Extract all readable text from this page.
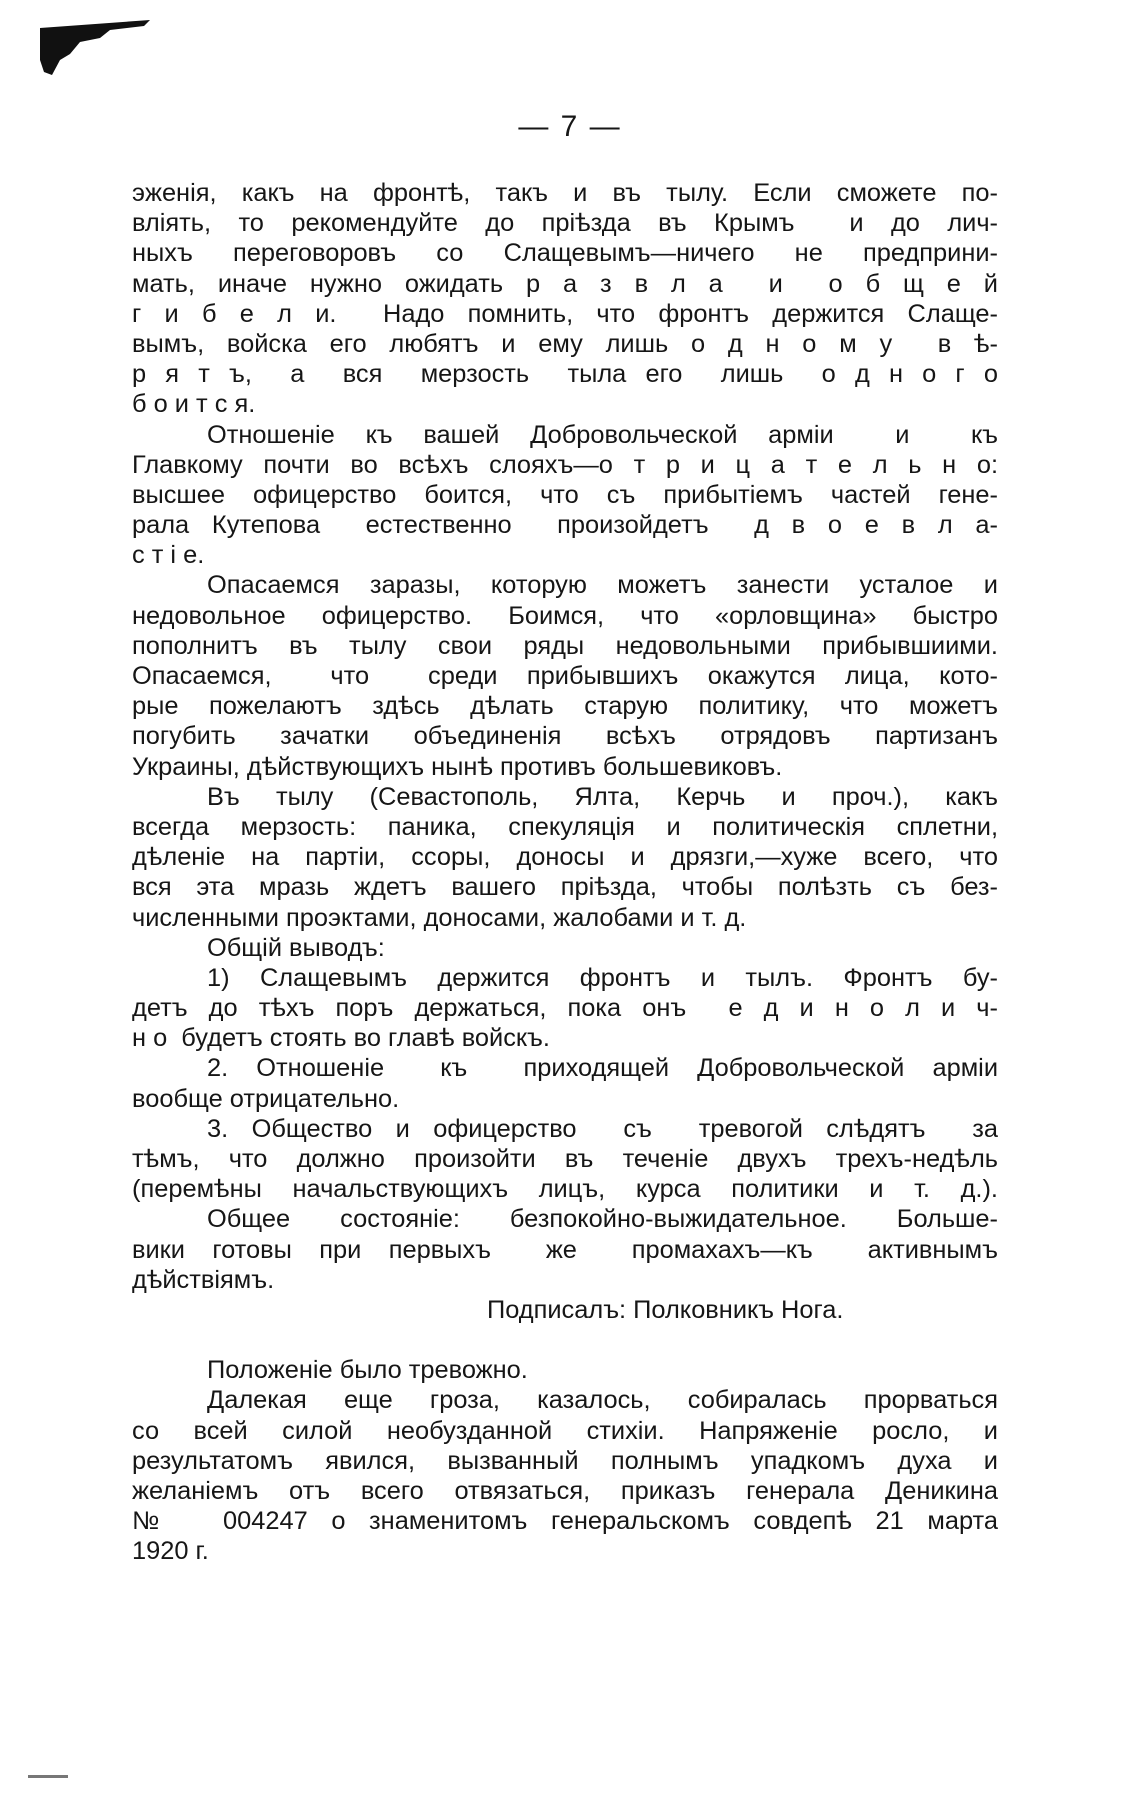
— 7 —
эженія, какъ на фронтѣ, такъ и въ тылу. Если сможете по-
вліять, то рекомендуйте до прiѣзда въ Крымъ  и до лич-
ныхъ переговоровъ со Слащевымъ—ничего не предприни-
мать, иначе нужно ожидать р а з в л а  и  о б щ е й
г и б е л и.  Надо помнить, что фронтъ держится Слаще-
вымъ, войска его любятъ и ему лишь о д н о м у  в ѣ-
р я т ъ,  а  вся  мерзость  тыла его  лишь  о д н о г о
б о и т с я.
Отношеніе къ вашей Добровольческой арміи  и  къ
Главкому почти во всѣхъ слояхъ—о т р и ц а т е л ь н о:
высшее офицерство боится, что съ прибытіемъ частей гене-
рала Кутепова  естественно  произойдетъ  д в о е в л а-
с т і е.
Опасаемся заразы, которую можетъ занести усталое и
недовольное офицерство. Боимся, что «орловщина» быстро
пополнитъ въ тылу свои ряды недовольными прибывшиими.
Опасаемся,  что  среди прибывшихъ окажутся лица, кото-
рые пожелаютъ здѣсь дѣлать старую политику, что можетъ
погубить зачатки объединенія всѣхъ отрядовъ партизанъ
Украины, дѣйствующихъ нынѣ противъ большевиковъ.
Въ тылу (Севастополь, Ялта, Керчь и проч.), какъ
всегда мерзость: паника, спекуляція и политическія сплетни,
дѣленіе на партіи, ссоры, доносы и дрязги,—хуже всего, что
вся эта мразь ждетъ вашего прiѣзда, чтобы полѣзть съ без-
численными проэктами, доносами, жалобами и т. д.
Общій выводъ:
1) Слащевымъ держится фронтъ и тылъ. Фронтъ бу-
детъ до тѣхъ поръ держаться, пока онъ  е д и н о л и ч-
н о  будетъ стоять во главѣ войскъ.
2. Отношеніе  къ  приходящей Добровольческой арміи
вообще отрицательно.
3. Общество и офицерство  съ  тревогой слѣдятъ  за
тѣмъ, что должно произойти въ теченіе двухъ трехъ-недѣль
(перемѣны начальствующихъ лицъ, курса политики и т. д.).
Общее состояніе: безпокойно-выжидательное. Больше-
вики готовы при первыхъ  же  промахахъ—къ  активнымъ
дѣйствіямъ.
Подписалъ: Полковникъ Нога.
Положеніе было тревожно.
Далекая еще гроза, казалось, собиралась прорваться
со всей силой необузданной стихіи. Напряженіе росло, и
результатомъ явился, вызванный полнымъ упадкомъ духа и
желаніемъ отъ всего отвязаться, приказъ генерала Деникина
№  004247 о знаменитомъ генеральскомъ совдепѣ 21 марта
1920 г.
